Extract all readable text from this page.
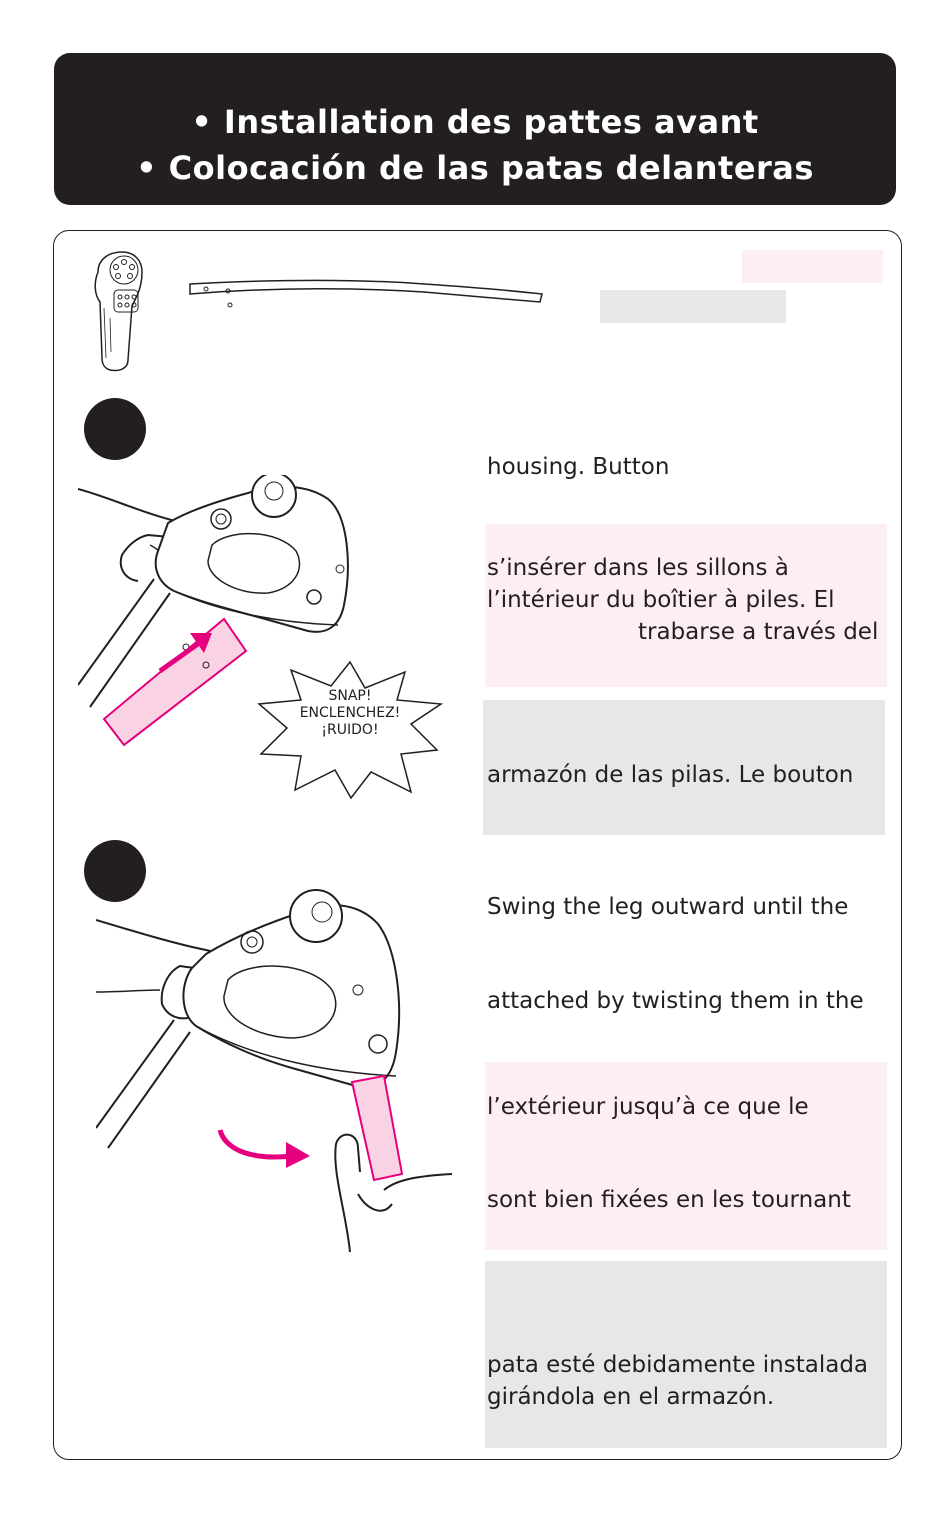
• Installation des pattes avant
• Colocación de las patas delanteras
SNAP!
ENCLENCHEZ!
¡RUIDO!
housing. Button
s’insérer dans les sillons à
l’intérieur du boîtier à piles. El
trabarse a través del
armazón de las pilas. Le bouton
Swing the leg outward until the
attached by twisting them in the
l’extérieur jusqu’à ce que le
sont bien fixées en les tournant
pata esté debidamente instalada
girándola en el armazón.
